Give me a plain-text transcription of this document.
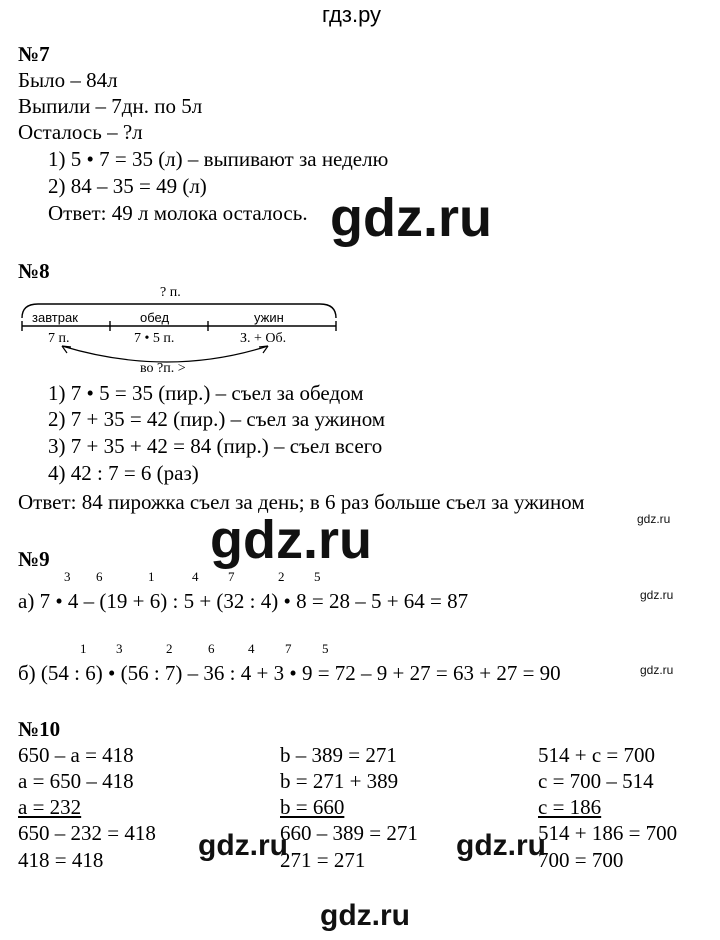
гдз.ру
№7
Было – 84л
Выпили – 7дн. по 5л
Осталось – ?л
1) 5 • 7 = 35 (л) – выпивают за неделю
2) 84 – 35 = 49 (л)
Ответ: 49 л молока осталось. gdz.ru
№8
? п.
завтрак	обед	ужин
7 п.	7 • 5 п.	З. + Об.
во ?п. >
1) 7 • 5 = 35 (пир.) – съел за обедом
2) 7 + 35 = 42 (пир.) – съел за ужином
3) 7 + 35 + 42 = 84 (пир.) – съел всего
4) 42 : 7 = 6 (раз)
Ответ: 84 пирожка съел за день; в 6 раз больше съел за ужином
gdz.ru
gdz.ru
№9
3 6	1	4 7	2 5
а) 7 • 4 – (19 + 6) : 5 + (32 : 4) • 8 = 28 – 5 + 64 = 87	gdz.ru
1 3	2	6	4 7 5
б) (54 : 6) • (56 : 7) – 36 : 4 + 3 • 9 = 72 – 9 + 27 = 63 + 27 = 90	gdz.ru
№10
650 – a = 418
a = 650 – 418
a = 232
650 – 232 = 418
418 = 418
b – 389 = 271
b = 271 + 389
b = 660
660 – 389 = 271
271 = 271
514 + c = 700
c = 700 – 514
c = 186
514 + 186 = 700
700 = 700
gdz.ru	gdz.ru
gdz.ru
